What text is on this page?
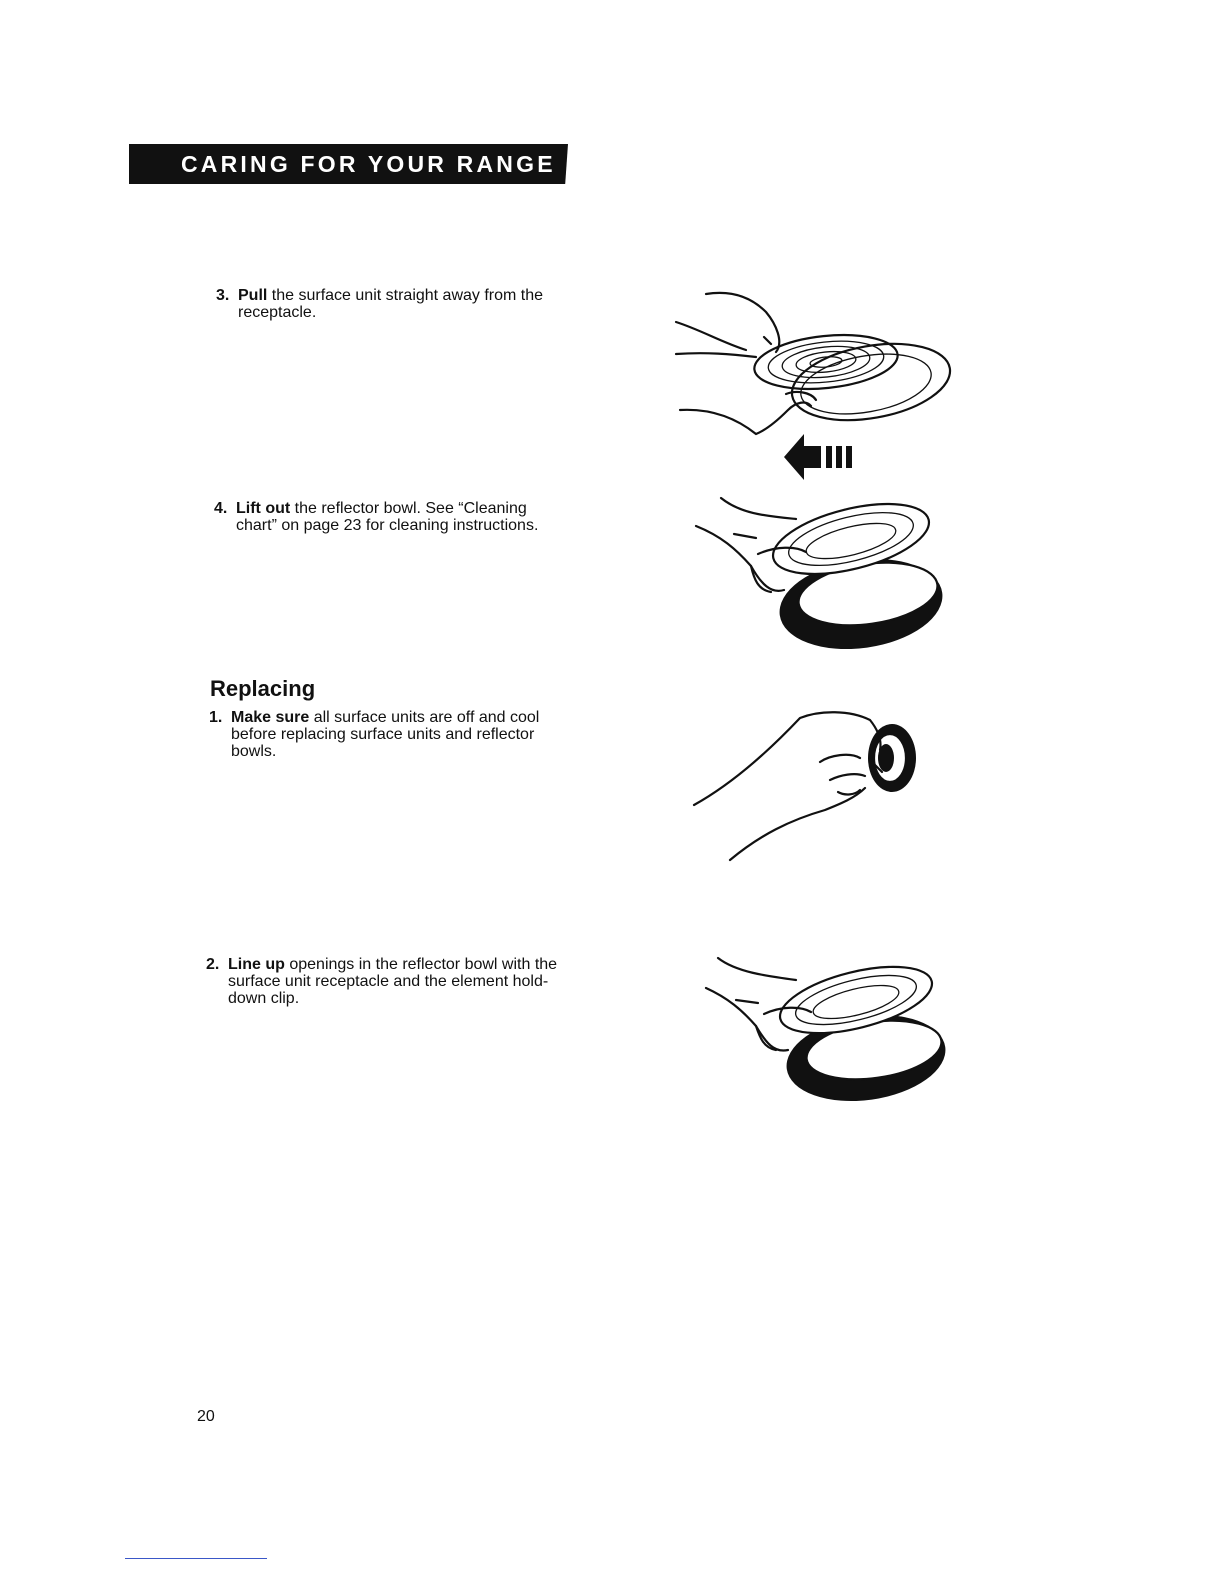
CARING FOR YOUR RANGE
3. Pull the surface unit straight away from the
receptacle.
4. Lift out the reflector bowl. See “Cleaning
chart” on page 23 for cleaning instructions.
Replacing
1. Make sure all surface units are off and cool
before replacing surface units and reflector
bowls.
2. Line up openings in the reflector bowl with the
surface unit receptacle and the element hold-
down clip.
20
